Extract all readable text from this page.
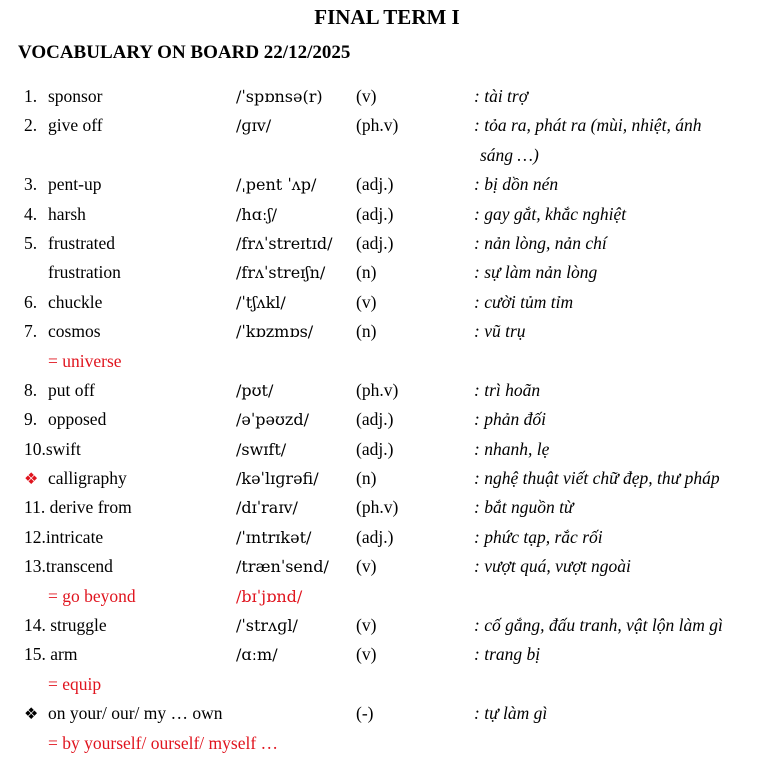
FINAL TERM I
VOCABULARY ON BOARD 22/12/2025
1. sponsor	/ˈspɒnsə(r) (v)	: tài trợ
2. give off	/ɡɪv/	(ph.v)	: tỏa ra, phát ra (mùi, nhiệt, ánh
sáng …)
3. pent-up	/ˌpent ˈʌp/ (adj.)	: bị dồn nén
4. harsh	/hɑːʃ/	(adj.)	: gay gắt, khắc nghiệt
5. frustrated	/frʌˈstreɪtɪd/ (adj.)	: nản lòng, nản chí
frustration	/frʌˈstreɪʃn/ (n)	: sự làm nản lòng
6. chuckle	/ˈtʃʌkl/	(v)	: cười tủm tỉm
7. cosmos	/ˈkɒzmɒs/ (n)	: vũ trụ
= universe
8. put off	/pʊt/	(ph.v)	: trì hoãn
9. opposed	/əˈpəʊzd/	(adj.)	: phản đối
10.swift	/swɪft/	(adj.)	: nhanh, lẹ
❖ calligraphy	/kəˈlɪɡrəfi/ (n)	: nghệ thuật viết chữ đẹp, thư pháp
11. derive from	/dɪˈraɪv/	(ph.v)	: bắt nguồn từ
12.intricate	/ˈɪntrɪkət/	(adj.)	: phức tạp, rắc rối
13.transcend	/trænˈsend/ (v)	: vượt quá, vượt ngoài
= go beyond	/bɪˈjɒnd/
14. struggle	/ˈstrʌɡl/	(v)	: cố gắng, đấu tranh, vật lộn làm gì
15. arm	/ɑːm/	(v)	: trang bị
= equip
❖ on your/ our/ my … own	(-)	: tự làm gì
= by yourself/ ourself/ myself …
